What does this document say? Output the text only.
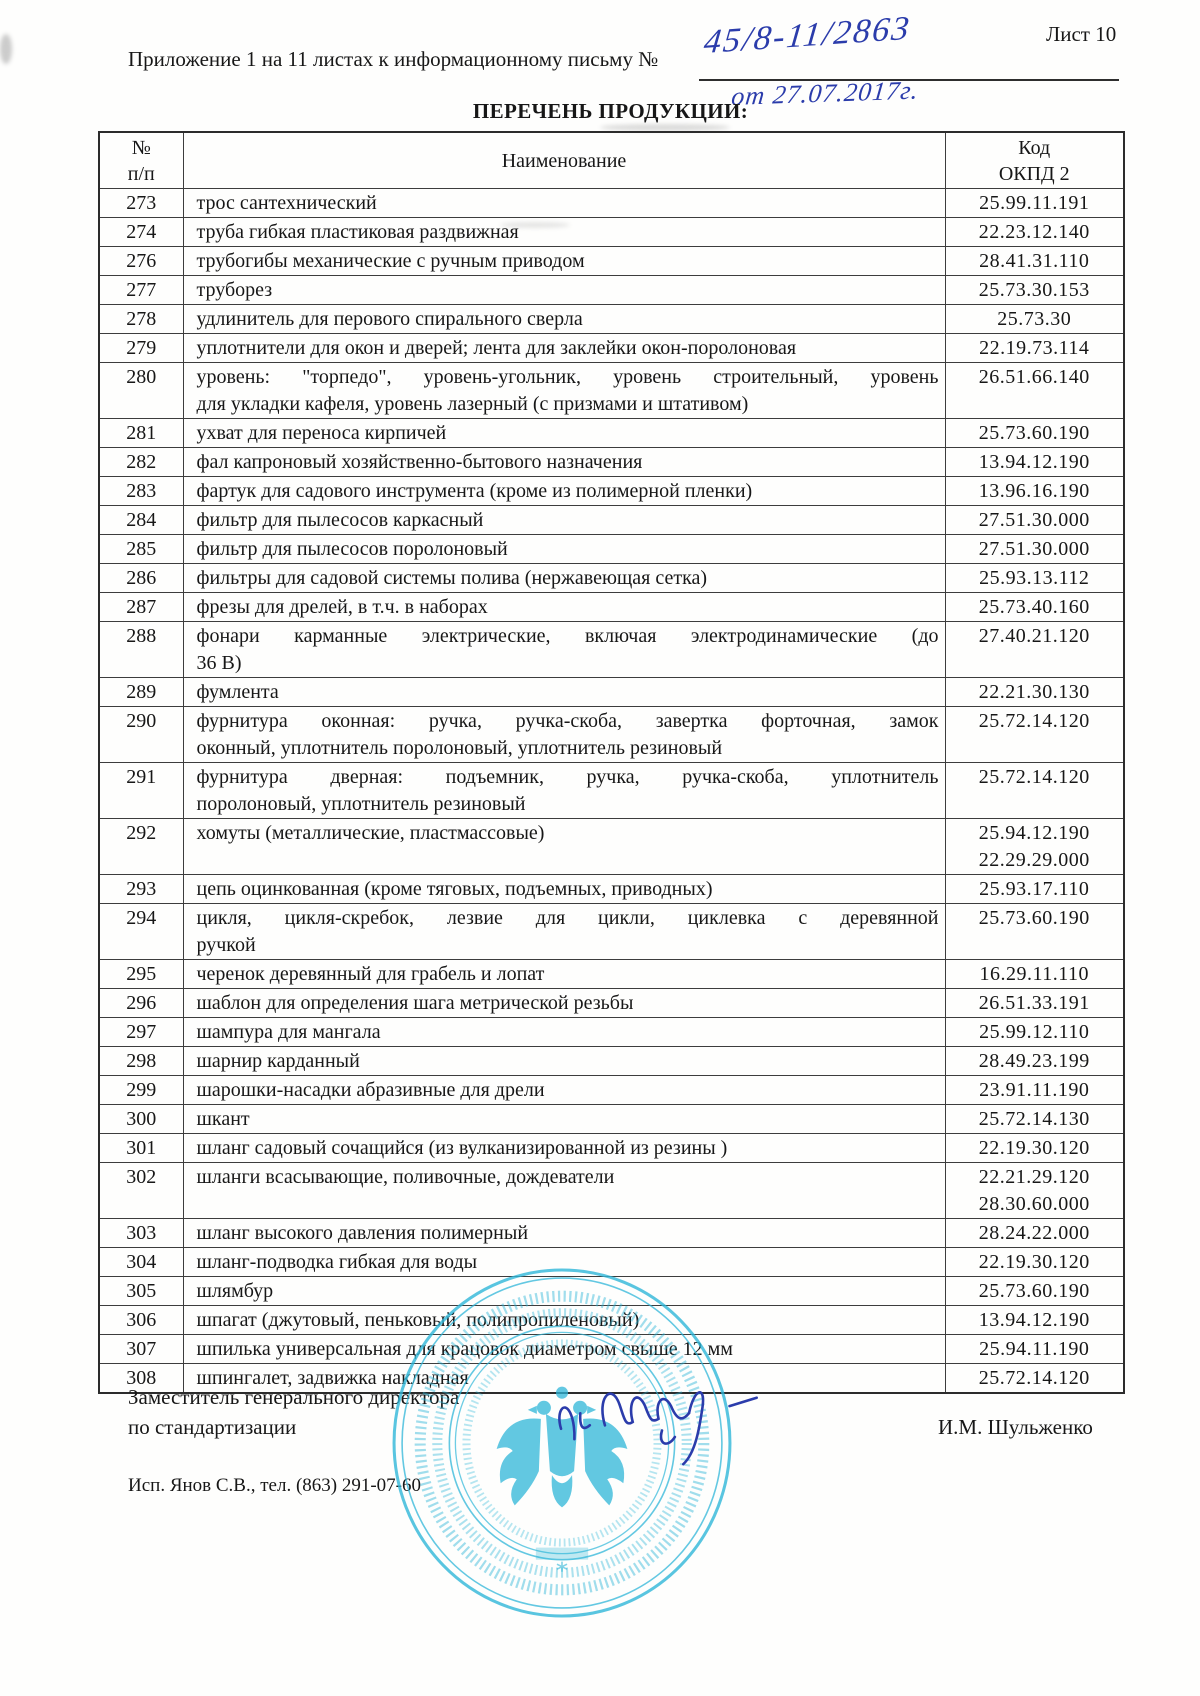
Лист 10
Приложение 1 на 11 листах к информационному письму № 45/8-11/2863
от 27.07.2017г.
ПЕРЕЧЕНЬ ПРОДУКЦИИ:
№
п/п
	Наименование	
Код
ОКПД 2

273	трос сантехнический	25.99.11.191

274	труба гибкая пластиковая раздвижная	22.23.12.140

276	трубогибы механические с ручным приводом	28.41.31.110

277	труборез	25.73.30.153

278	удлинитель для перового спирального сверла	25.73.30

279	уплотнители для окон и дверей; лента для заклейки окон-поролоновая	22.19.73.114

280	уровень: "торпедо", уровень-угольник, уровень строительный, уровень
для укладки кафеля, уровень лазерный (с призмами и штативом)	26.51.66.140

281	ухват для переноса кирпичей	25.73.60.190

282	фал капроновый хозяйственно-бытового назначения	13.94.12.190

283	фартук для садового инструмента (кроме из полимерной пленки)	13.96.16.190

284	фильтр для пылесосов каркасный	27.51.30.000

285	фильтр для пылесосов поролоновый	27.51.30.000

286	фильтры для садовой системы полива (нержавеющая сетка)	25.93.13.112

287	фрезы для дрелей, в т.ч. в наборах	25.73.40.160

288	фонари карманные электрические, включая электродинамические (до
36 В)	27.40.21.120

289	фумлента	22.21.30.130

290	фурнитура оконная: ручка, ручка-скоба, завертка форточная, замок
оконный, уплотнитель поролоновый, уплотнитель резиновый	25.72.14.120

291	фурнитура дверная: подъемник, ручка, ручка-скоба, уплотнитель
поролоновый, уплотнитель резиновый	25.72.14.120

292	хомуты (металлические, пластмассовые)	25.94.12.190
22.29.29.000

293	цепь оцинкованная (кроме тяговых, подъемных, приводных)	25.93.17.110

294	цикля, цикля-скребок, лезвие для цикли, циклевка с деревянной
ручкой	25.73.60.190

295	черенок деревянный для грабель и лопат	16.29.11.110

296	шаблон для определения шага метрической резьбы	26.51.33.191

297	шампура для мангала	25.99.12.110

298	шарнир карданный	28.49.23.199

299	шарошки-насадки абразивные для дрели	23.91.11.190

300	шкант	25.72.14.130

301	шланг садовый сочащийся (из вулканизированной из резины )	22.19.30.120

302	шланги всасывающие, поливочные, дождеватели	22.21.29.120
28.30.60.000

303	шланг высокого давления полимерный	28.24.22.000

304	шланг-подводка гибкая для воды	22.19.30.120

305	шлямбур	25.73.60.190

306	шпагат (джутовый, пеньковый, полипропиленовый)	13.94.12.190

307	шпилька универсальная для крацовок диаметром свыше 12 мм	25.94.11.190

308	шпингалет, задвижка накладная	25.72.14.120
Заместитель генерального директора
по стандартизации	И.М. Шульженко
Исп. Янов С.В., тел. (863) 291-07-60
